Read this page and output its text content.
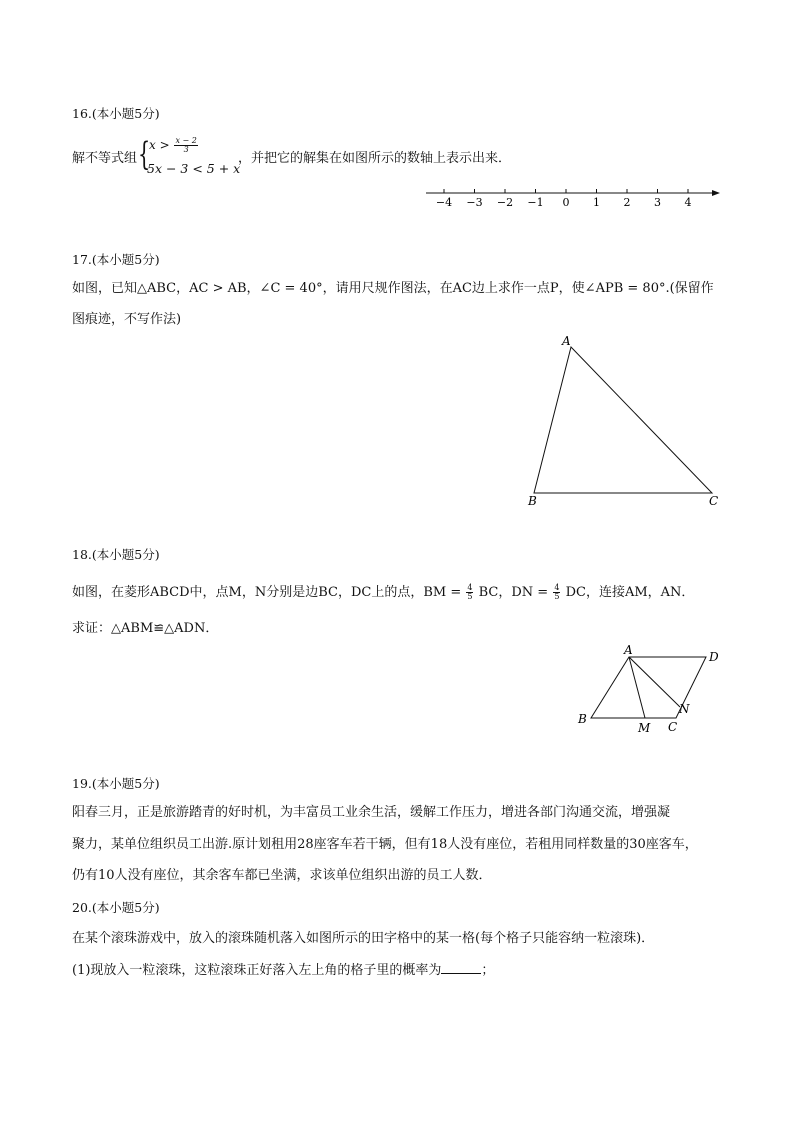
16.(本小题5分)
解不等式组 {
$x > \frac{x - 2}{3}$
5x − 3 < 5 + x
，并把它的解集在如图所示的数轴上表示出来．
−4 −3 −2 −1 0 1 2 3 4
17.(本小题5分)
如图，已知△ABC，AC > AB，∠C = 40°，请用尺规作图法，在AC边上求作一点P，使∠APB = 80°.(保留作
图痕迹，不写作法)
A
B	C
18.(本小题5分)
如图，在菱形ABCD中，点M，N分别是边BC，DC上的点，BM = $\frac{4}{5}$ BC，DN = $\frac{4}{5}$ DC，连接AM，AN．
求证：△ABM≌△ADN．
A
B
C
D
M
N
19.(本小题5分)
阳春三月，正是旅游踏青的好时机，为丰富员工业余生活，缓解工作压力，增进各部门沟通交流，增强凝
聚力，某单位组织员工出游.原计划租用28座客车若干辆，但有18人没有座位，若租用同样数量的30座客车，
仍有10人没有座位，其余客车都已坐满，求该单位组织出游的员工人数．
20.(本小题5分)
在某个滚珠游戏中，放入的滚珠随机落入如图所示的田字格中的某一格(每个格子只能容纳一粒滚珠)．
(1)现放入一粒滚珠，这粒滚珠正好落入左上角的格子里的概率为	；
